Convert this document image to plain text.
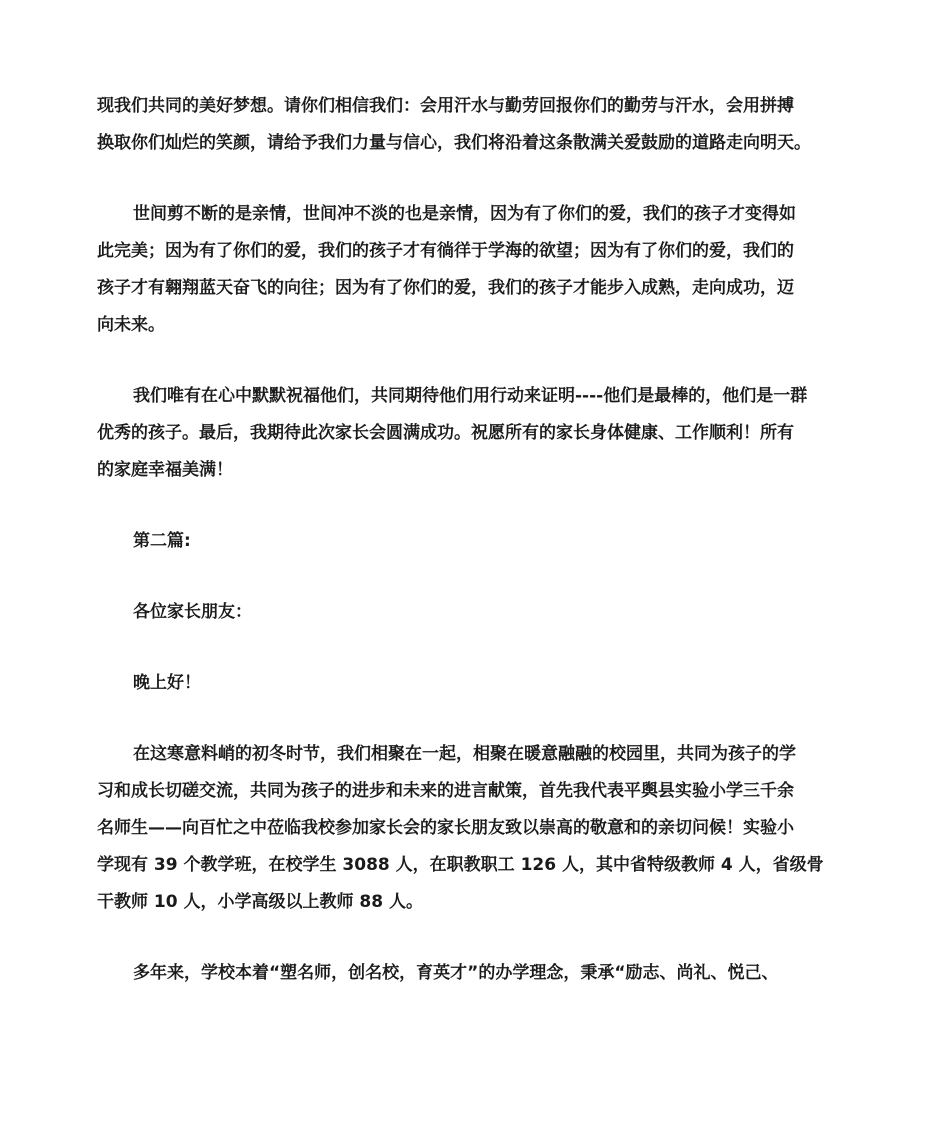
现我们共同的美好梦想。请你们相信我们：会用汗水与勤劳回报你们的勤劳与汗水，会用拼搏
换取你们灿烂的笑颜，请给予我们力量与信心，我们将沿着这条散满关爱鼓励的道路走向明天。
世间剪不断的是亲情，世间冲不淡的也是亲情，因为有了你们的爱，我们的孩子才变得如
此完美；因为有了你们的爱，我们的孩子才有徜徉于学海的欲望；因为有了你们的爱，我们的
孩子才有翱翔蓝天奋飞的向往；因为有了你们的爱，我们的孩子才能步入成熟，走向成功，迈
向未来。
我们唯有在心中默默祝福他们，共同期待他们用行动来证明----他们是最棒的，他们是一群
优秀的孩子。最后，我期待此次家长会圆满成功。祝愿所有的家长身体健康、工作顺利！所有
的家庭幸福美满！
第二篇:
各位家长朋友：
晚上好！
在这寒意料峭的初冬时节，我们相聚在一起，相聚在暖意融融的校园里，共同为孩子的学
习和成长切磋交流，共同为孩子的进步和未来的进言献策，首先我代表平舆县实验小学三千余
名师生——向百忙之中莅临我校参加家长会的家长朋友致以崇高的敬意和的亲切问候！实验小
学现有 39 个教学班，在校学生 3088 人，在职教职工 126 人，其中省特级教师 4 人，省级骨
干教师 10 人，小学高级以上教师 88 人。
多年来，学校本着“塑名师，创名校，育英才”的办学理念，秉承“励志、尚礼、悦己、
